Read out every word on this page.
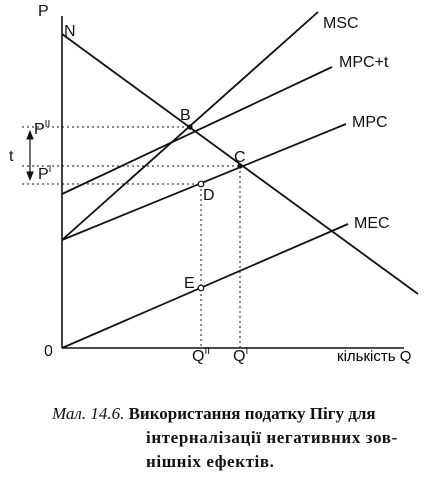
P
0	кількість Q
N	MSC
MPC+t
MPC
MEC
t
$P^{II}$
$P^I$
$Q^{II}$ $Q^I$
B
C
D
E
Мал. 14.6. Використання податку Пігу для
інтерналізації негативних зов-
нішніх ефектів.
